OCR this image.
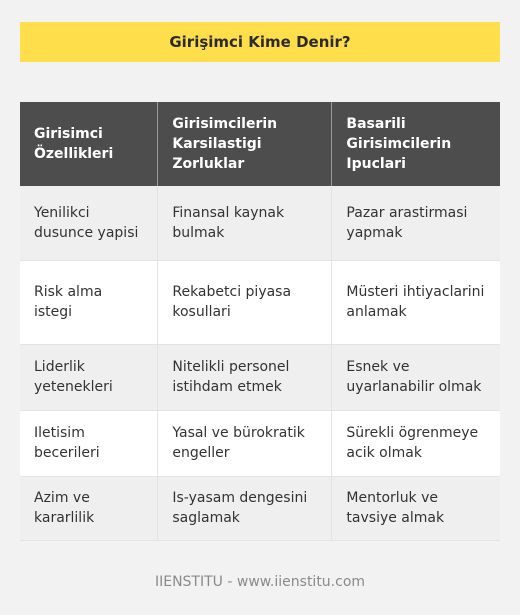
Girişimci Kime Denir?
Girisimci Özellikleri	Girisimcilerin Karsilastigi Zorluklar	Basarili Girisimcilerin Ipuclari
Yenilikci dusunce yapisi	Finansal kaynak bulmak	Pazar arastirmasi yapmak
Risk alma istegi	Rekabetci piyasa kosullari	Müsteri ihtiyaclarini anlamak
Liderlik yetenekleri	Nitelikli personel istihdam etmek	Esnek ve uyarlanabilir olmak
Iletisim becerileri	Yasal ve bürokratik engeller	Sürekli ögrenmeye acik olmak
Azim ve kararlilik	Is-yasam dengesini saglamak	Mentorluk ve tavsiye almak
IIENSTITU - www.iienstitu.com
